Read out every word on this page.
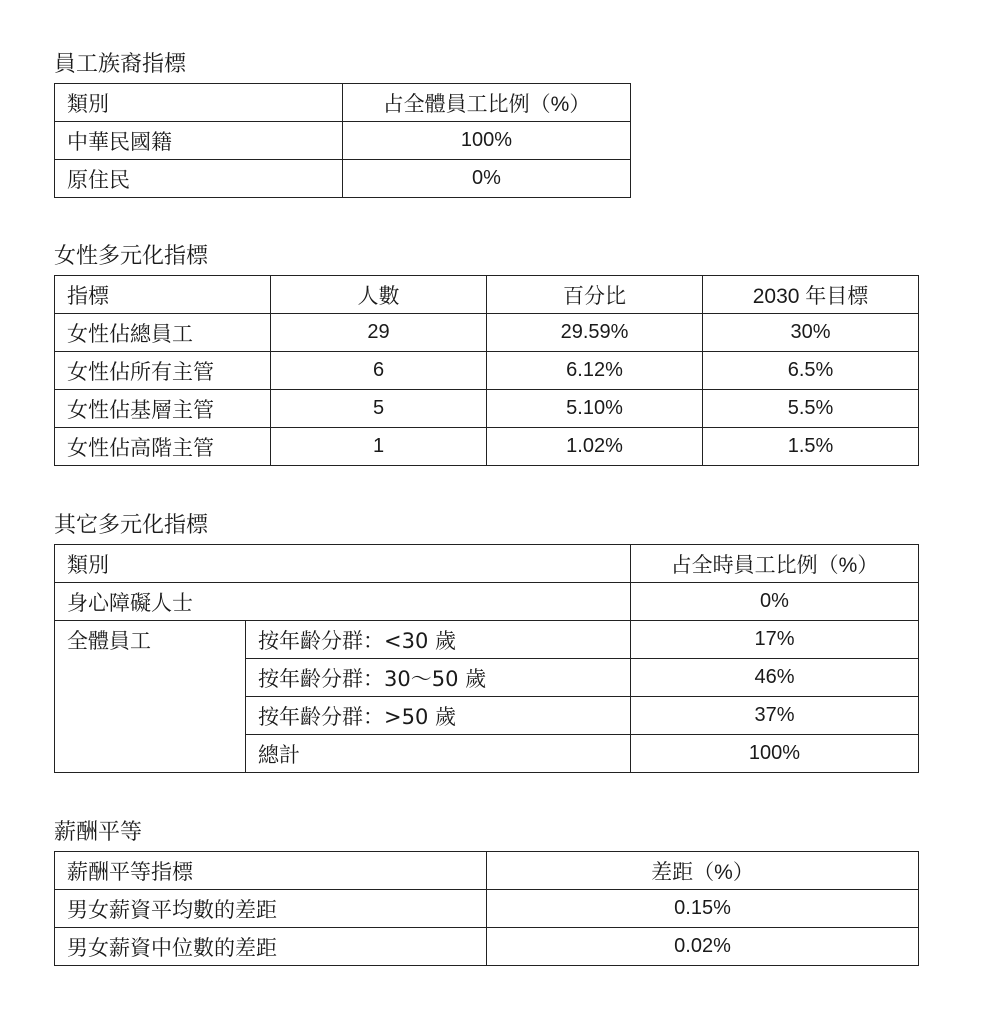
員工族裔指標
類別	占全體員工比例（%）
中華民國籍	100%
原住民	0%
女性多元化指標
指標	人數	百分比	2030 年目標
女性佔總員工	29	29.59%	30%
女性佔所有主管	6	6.12%	6.5%
女性佔基層主管	5	5.10%	5.5%
女性佔高階主管	1	1.02%	1.5%
其它多元化指標
類別		占全時員工比例（%）
身心障礙人士		0%
全體員工	按年齡分群：<30 歲	17%
	按年齡分群：30～50 歲	46%
	按年齡分群：>50 歲	37%
	總計	100%
薪酬平等
薪酬平等指標	差距（%）
男女薪資平均數的差距	0.15%
男女薪資中位數的差距	0.02%
